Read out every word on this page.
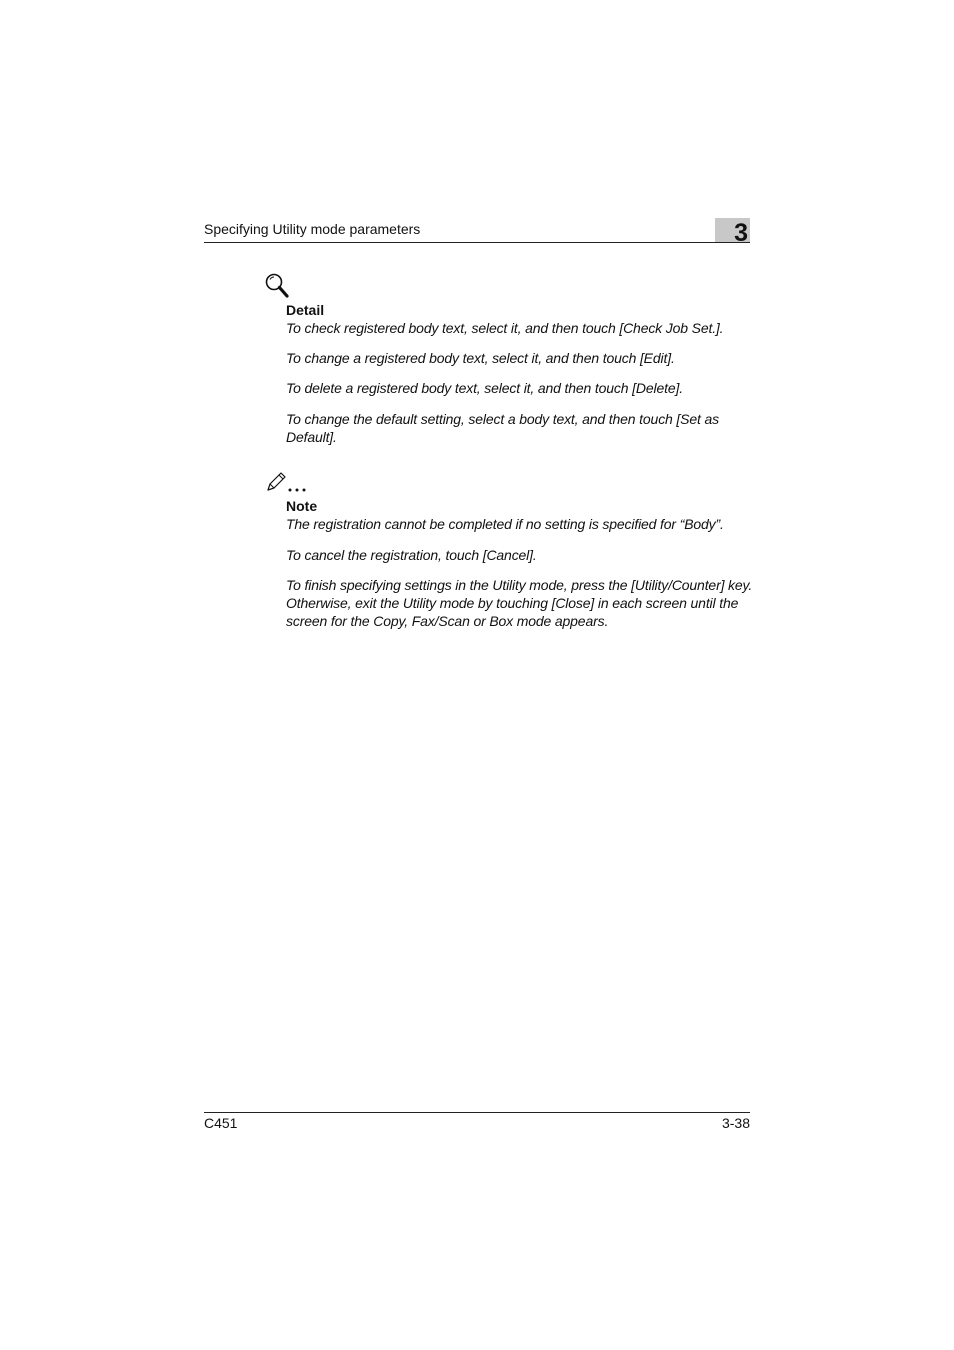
Specifying Utility mode parameters	3
Detail
To check registered body text, select it, and then touch [Check Job Set.].
To change a registered body text, select it, and then touch [Edit].
To delete a registered body text, select it, and then touch [Delete].
To change the default setting, select a body text, and then touch [Set as Default].
Note
The registration cannot be completed if no setting is specified for “Body”.
To cancel the registration, touch [Cancel].
To finish specifying settings in the Utility mode, press the [Utility/Counter] key. Otherwise, exit the Utility mode by touching [Close] in each screen until the screen for the Copy, Fax/Scan or Box mode appears.
C451	3-38
